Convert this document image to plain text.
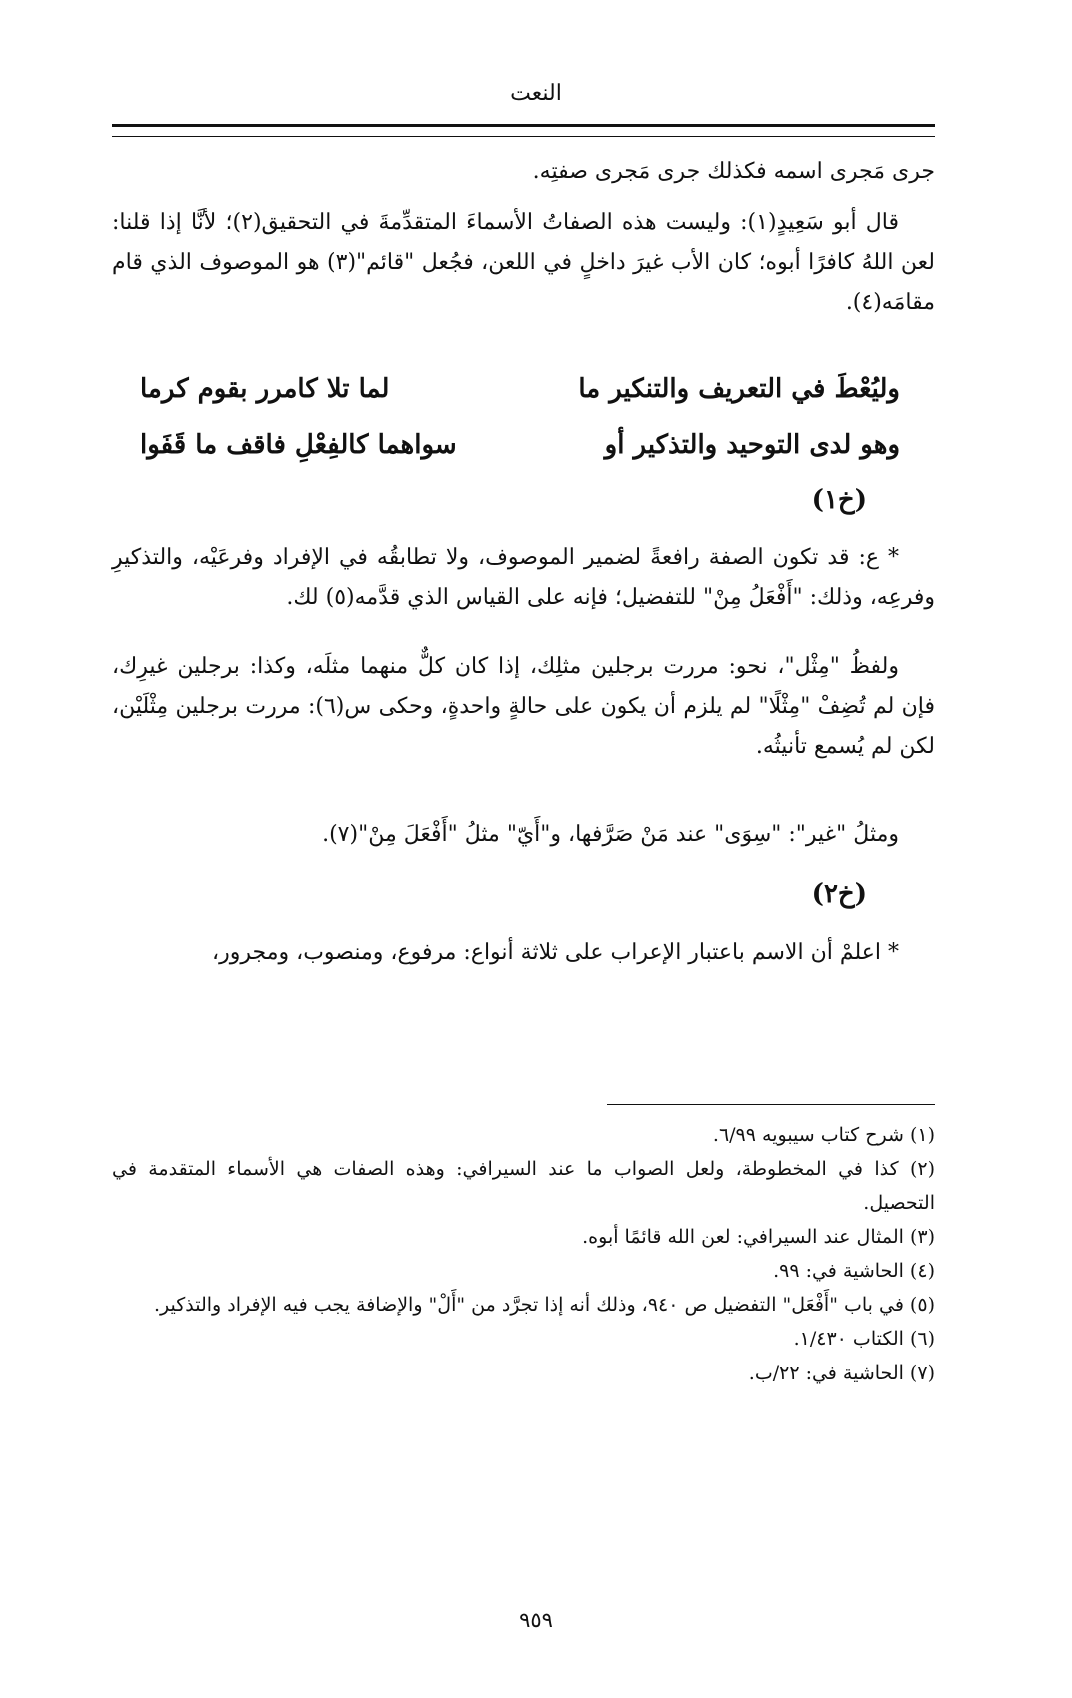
النعت

جرى مَجرى اسمه فكذلك جرى مَجرى صفتِه.

قال أبو سَعِيدٍ(١): وليست هذه الصفاتُ الأسماءَ المتقدِّمةَ في التحقيق(٢)؛ لأنَّا إذا قلنا: لعن اللهُ كافرًا أبوه؛ كان الأب غيرَ داخلٍ في اللعن، فجُعل "قائم"(٣) هو الموصوف الذي قام مقامَه(٤).

وليُعْطَ في التعريف والتنكير ما
لما تلا كامرر بقوم كرما
وهو لدى التوحيد والتذكير أو
سواهما كالفِعْلِ فاقف ما قَفَوا
(خ١)

* ع: قد تكون الصفة رافعةً لضمير الموصوف، ولا تطابقُه في الإفراد وفرعَيْه، والتذكيرِ وفرعِه، وذلك: "أَفْعَلُ مِنْ" للتفضيل؛ فإنه على القياس الذي قدَّمه(٥) لك.

ولفظُ "مِثْل"، نحو: مررت برجلين مثلِك، إذا كان كلٌّ منهما مثلَه، وكذا: برجلين غيرِك، فإن لم تُضِفْ "مِثْلًا" لم يلزم أن يكون على حالةٍ واحدةٍ، وحكى س(٦): مررت برجلين مِثْلَيْن، لكن لم يُسمع تأنيثُه.

ومثلُ "غير": "سِوَى" عند مَنْ صَرَّفها، و"أَيّ" مثلُ "أَفْعَلَ مِنْ"(٧).

(خ٢)

* اعلمْ أن الاسم باعتبار الإعراب على ثلاثة أنواع: مرفوع، ومنصوب، ومجرور،

(١) شرح كتاب سيبويه ٦/٩٩.

(٢) كذا في المخطوطة، ولعل الصواب ما عند السيرافي: وهذه الصفات هي الأسماء المتقدمة في التحصيل.

(٣) المثال عند السيرافي: لعن الله قائمًا أبوه.

(٤) الحاشية في: ٩٩.

(٥) في باب "أَفْعَل" التفضيل ص ٩٤٠، وذلك أنه إذا تجرَّد من "أَلْ" والإضافة يجب فيه الإفراد والتذكير.

(٦) الكتاب ١/٤٣٠.

(٧) الحاشية في: ٢٢/ب.

٩٥٩
